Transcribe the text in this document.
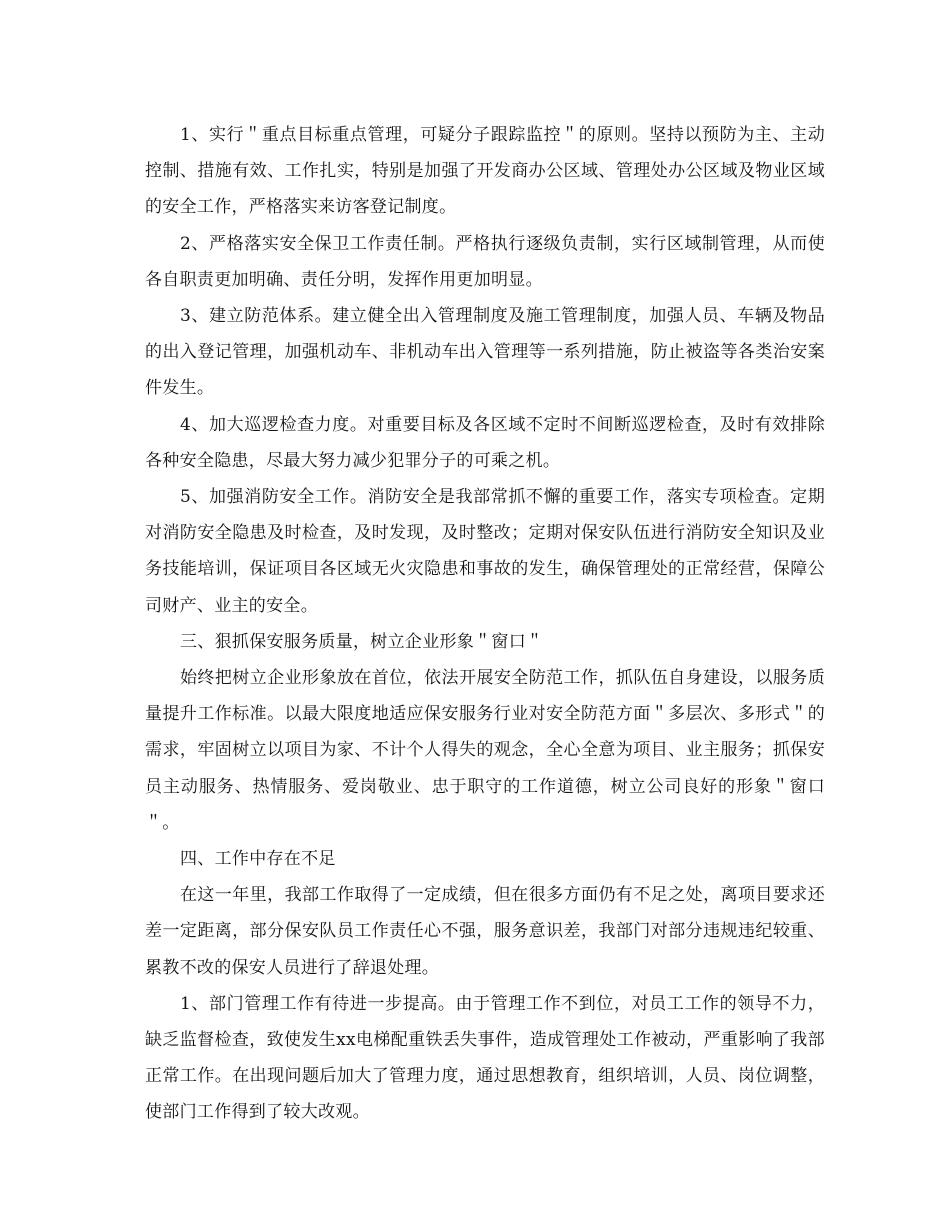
1、实行＂重点目标重点管理，可疑分子跟踪监控＂的原则。坚持以预防为主、主动控制、措施有效、工作扎实，特别是加强了开发商办公区域、管理处办公区域及物业区域的安全工作，严格落实来访客登记制度。

2、严格落实安全保卫工作责任制。严格执行逐级负责制，实行区域制管理，从而使各自职责更加明确、责任分明，发挥作用更加明显。

3、建立防范体系。建立健全出入管理制度及施工管理制度，加强人员、车辆及物品的出入登记管理，加强机动车、非机动车出入管理等一系列措施，防止被盗等各类治安案件发生。

4、加大巡逻检查力度。对重要目标及各区域不定时不间断巡逻检查，及时有效排除各种安全隐患，尽最大努力减少犯罪分子的可乘之机。

5、加强消防安全工作。消防安全是我部常抓不懈的重要工作，落实专项检查。定期对消防安全隐患及时检查，及时发现，及时整改；定期对保安队伍进行消防安全知识及业务技能培训，保证项目各区域无火灾隐患和事故的发生，确保管理处的正常经营，保障公司财产、业主的安全。

三、狠抓保安服务质量，树立企业形象＂窗口＂

始终把树立企业形象放在首位，依法开展安全防范工作，抓队伍自身建设，以服务质量提升工作标准。以最大限度地适应保安服务行业对安全防范方面＂多层次、多形式＂的需求，牢固树立以项目为家、不计个人得失的观念，全心全意为项目、业主服务；抓保安员主动服务、热情服务、爱岗敬业、忠于职守的工作道德，树立公司良好的形象＂窗口＂。

四、工作中存在不足

在这一年里，我部工作取得了一定成绩，但在很多方面仍有不足之处，离项目要求还差一定距离，部分保安队员工作责任心不强，服务意识差，我部门对部分违规违纪较重、累教不改的保安人员进行了辞退处理。

1、部门管理工作有待进一步提高。由于管理工作不到位，对员工工作的领导不力，缺乏监督检查，致使发生xx电梯配重铁丢失事件，造成管理处工作被动，严重影响了我部正常工作。在出现问题后加大了管理力度，通过思想教育，组织培训，人员、岗位调整，使部门工作得到了较大改观。
